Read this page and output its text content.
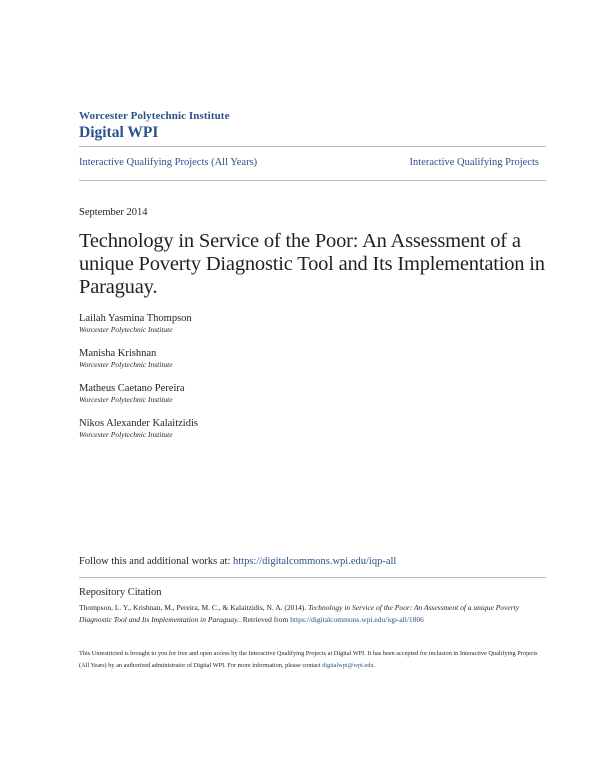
Worcester Polytechnic Institute
Digital WPI
Interactive Qualifying Projects (All Years)	Interactive Qualifying Projects
September 2014
Technology in Service of the Poor: An Assessment of a unique Poverty Diagnostic Tool and Its Implementation in Paraguay.
Lailah Yasmina Thompson
Worcester Polytechnic Institute
Manisha Krishnan
Worcester Polytechnic Institute
Matheus Caetano Pereira
Worcester Polytechnic Institute
Nikos Alexander Kalaitzidis
Worcester Polytechnic Institute
Follow this and additional works at: https://digitalcommons.wpi.edu/iqp-all
Repository Citation
Thompson, L. Y., Krishnan, M., Pereira, M. C., & Kalaitzidis, N. A. (2014). Technology in Service of the Poor: An Assessment of a unique Poverty Diagnostic Tool and Its Implementation in Paraguay.. Retrieved from https://digitalcommons.wpi.edu/iqp-all/1806
This Unrestricted is brought to you for free and open access by the Interactive Qualifying Projects at Digital WPI. It has been accepted for inclusion in Interactive Qualifying Projects (All Years) by an authorized administrator of Digital WPI. For more information, please contact digitalwpi@wpi.edu.
